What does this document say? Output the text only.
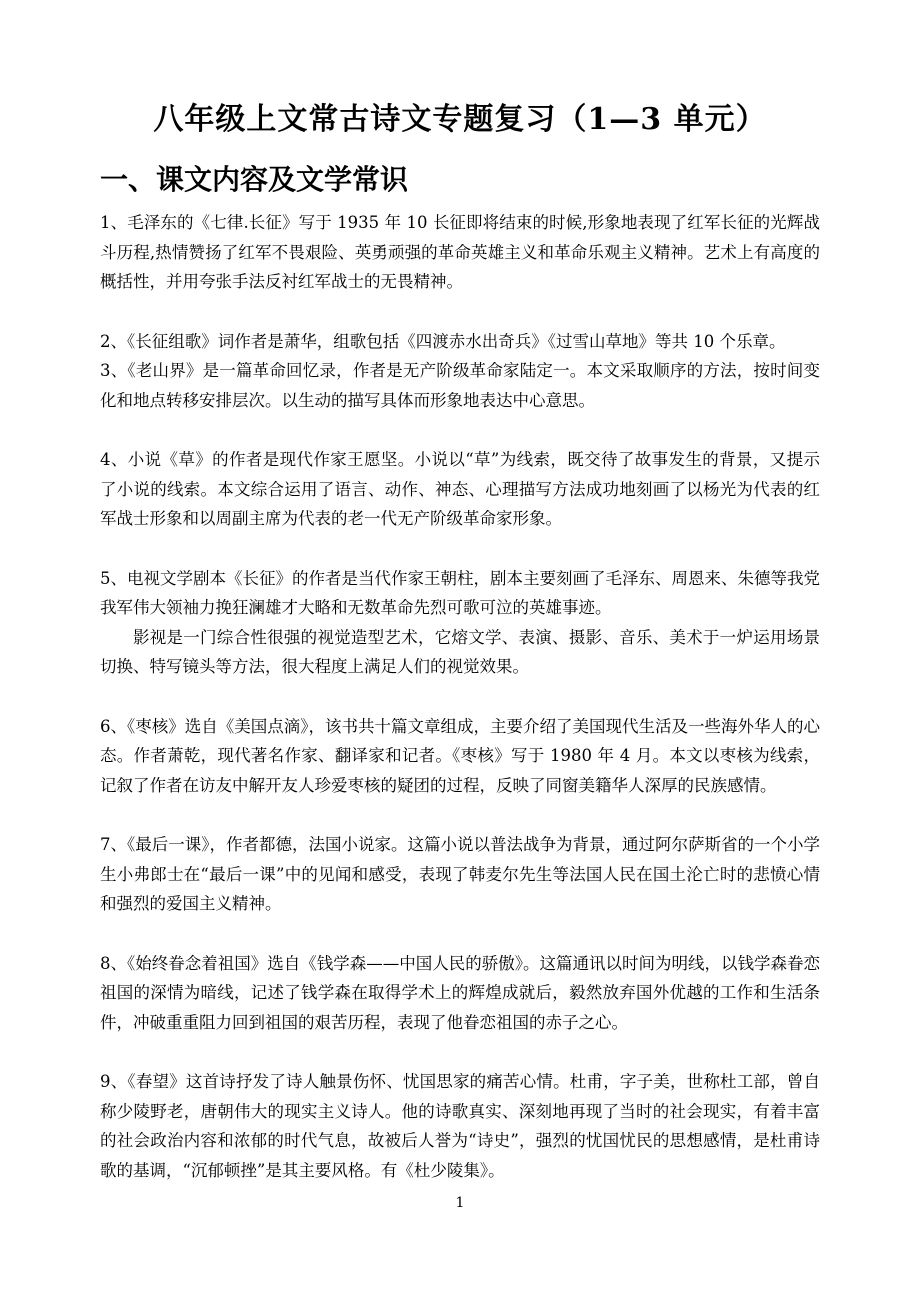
八年级上文常古诗文专题复习（1—3 单元）
一、课文内容及文学常识

1、毛泽东的《七律.长征》写于 1935 年 10 长征即将结束的时候,形象地表现了红军长征的光辉战斗历程,热情赞扬了红军不畏艰险、英勇顽强的革命英雄主义和革命乐观主义精神。艺术上有高度的概括性，并用夸张手法反衬红军战士的无畏精神。

2、《长征组歌》词作者是萧华，组歌包括《四渡赤水出奇兵》《过雪山草地》等共 10 个乐章。

3、《老山界》是一篇革命回忆录，作者是无产阶级革命家陆定一。本文采取顺序的方法，按时间变化和地点转移安排层次。以生动的描写具体而形象地表达中心意思。

4、小说《草》的作者是现代作家王愿坚。小说以“草”为线索，既交待了故事发生的背景，又提示了小说的线索。本文综合运用了语言、动作、神态、心理描写方法成功地刻画了以杨光为代表的红军战士形象和以周副主席为代表的老一代无产阶级革命家形象。

5、电视文学剧本《长征》的作者是当代作家王朝柱，剧本主要刻画了毛泽东、周恩来、朱德等我党我军伟大领袖力挽狂澜雄才大略和无数革命先烈可歌可泣的英雄事迹。

影视是一门综合性很强的视觉造型艺术，它熔文学、表演、摄影、音乐、美术于一炉运用场景切换、特写镜头等方法，很大程度上满足人们的视觉效果。

6、《枣核》选自《美国点滴》，该书共十篇文章组成，主要介绍了美国现代生活及一些海外华人的心态。作者萧乾，现代著名作家、翻译家和记者。《枣核》写于 1980 年 4 月。本文以枣核为线索，记叙了作者在访友中解开友人珍爱枣核的疑团的过程，反映了同窗美籍华人深厚的民族感情。

7、《最后一课》，作者都德，法国小说家。这篇小说以普法战争为背景，通过阿尔萨斯省的一个小学生小弗郎士在“最后一课”中的见闻和感受，表现了韩麦尔先生等法国人民在国土沦亡时的悲愤心情和强烈的爱国主义精神。

8、《始终眷念着祖国》选自《钱学森——中国人民的骄傲》。这篇通讯以时间为明线，以钱学森眷恋祖国的深情为暗线，记述了钱学森在取得学术上的辉煌成就后，毅然放弃国外优越的工作和生活条件，冲破重重阻力回到祖国的艰苦历程，表现了他眷恋祖国的赤子之心。

9、《春望》这首诗抒发了诗人触景伤怀、忧国思家的痛苦心情。杜甫，字子美，世称杜工部，曾自称少陵野老，唐朝伟大的现实主义诗人。他的诗歌真实、深刻地再现了当时的社会现实，有着丰富的社会政治内容和浓郁的时代气息，故被后人誉为“诗史”，强烈的忧国忧民的思想感情，是杜甫诗歌的基调，“沉郁顿挫”是其主要风格。有《杜少陵集》。

1
